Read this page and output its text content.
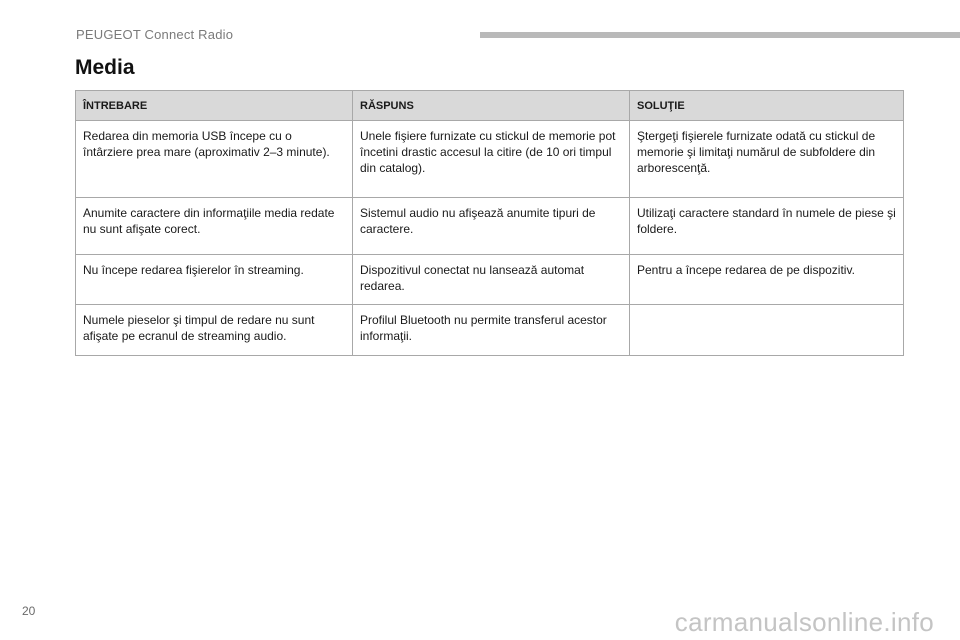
PEUGEOT Connect Radio
Media
ÎNTREBARE	RĂSPUNS	SOLUŢIE

Redarea din memoria USB începe cu o întârziere prea mare (aproximativ 2–3 minute).	Unele fişiere furnizate cu stickul de memorie pot încetini drastic accesul la citire (de 10 ori timpul din catalog).	Ştergeţi fişierele furnizate odată cu stickul de memorie şi limitaţi numărul de subfoldere din arborescenţă.

Anumite caractere din informaţiile media redate nu sunt afişate corect.	Sistemul audio nu afişează anumite tipuri de caractere.	Utilizaţi caractere standard în numele de piese şi foldere.

Nu începe redarea fişierelor în streaming.	Dispozitivul conectat nu lansează automat redarea.	Pentru a începe redarea de pe dispozitiv.

Numele pieselor şi timpul de redare nu sunt afişate pe ecranul de streaming audio.	Profilul Bluetooth nu permite transferul acestor informaţii.	

20	carmanualsonline.info
